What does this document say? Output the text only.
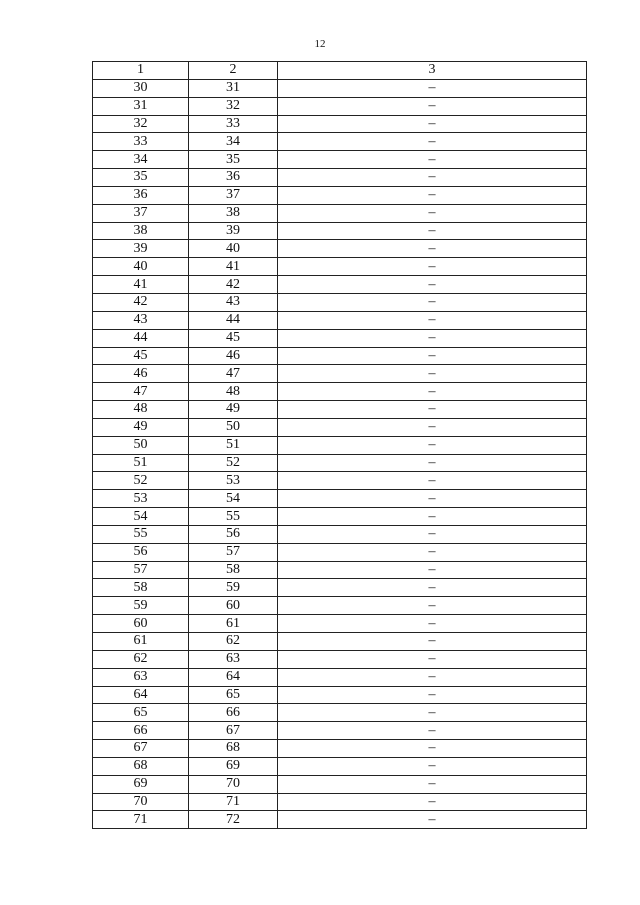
12
1	2	3
30	31	–
31	32	–
32	33	–
33	34	–
34	35	–
35	36	–
36	37	–
37	38	–
38	39	–
39	40	–
40	41	–
41	42	–
42	43	–
43	44	–
44	45	–
45	46	–
46	47	–
47	48	–
48	49	–
49	50	–
50	51	–
51	52	–
52	53	–
53	54	–
54	55	–
55	56	–
56	57	–
57	58	–
58	59	–
59	60	–
60	61	–
61	62	–
62	63	–
63	64	–
64	65	–
65	66	–
66	67	–
67	68	–
68	69	–
69	70	–
70	71	–
71	72	–
